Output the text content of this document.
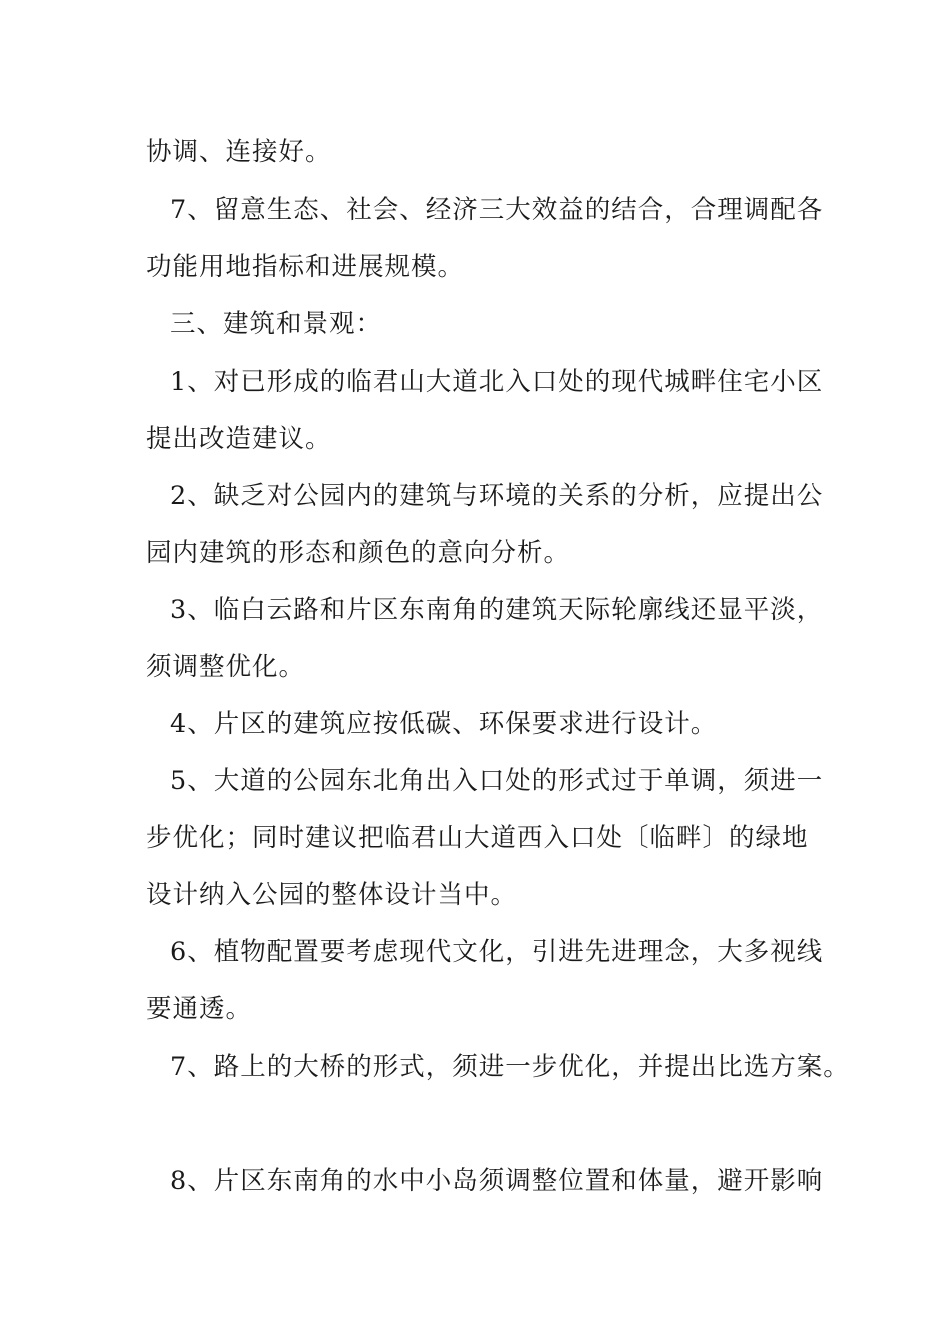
协调、连接好。
7、留意生态、社会、经济三大效益的结合，合理调配各
功能用地指标和进展规模。
三、建筑和景观：
1、对已形成的临君山大道北入口处的现代城畔住宅小区
提出改造建议。
2、缺乏对公园内的建筑与环境的关系的分析，应提出公
园内建筑的形态和颜色的意向分析。
3、临白云路和片区东南角的建筑天际轮廓线还显平淡，
须调整优化。
4、片区的建筑应按低碳、环保要求进行设计。
5、大道的公园东北角出入口处的形式过于单调，须进一
步优化；同时建议把临君山大道西入口处〔临畔〕的绿地
设计纳入公园的整体设计当中。
6、植物配置要考虑现代文化，引进先进理念，大多视线
要通透。
7、路上的大桥的形式，须进一步优化，并提出比选方案。
8、片区东南角的水中小岛须调整位置和体量，避开影响
